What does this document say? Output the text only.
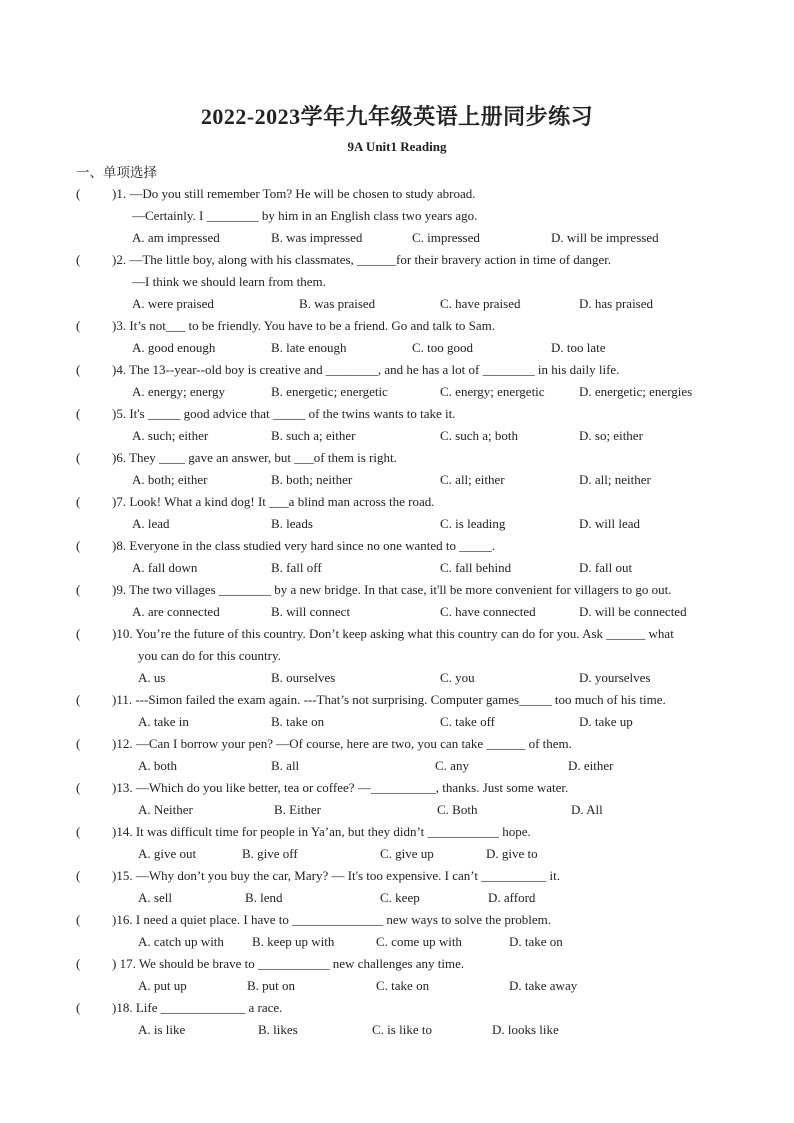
2022-2023学年九年级英语上册同步练习
9A Unit1 Reading
一、单项选择
( )1. —Do you still remember Tom? He will be chosen to study abroad.
—Certainly. I ________ by him in an English class two years ago.
A. am impressed	B. was impressed	C. impressed	D. will be impressed
( )2. —The little boy, along with his classmates, ______for their bravery action in time of danger.
—I think we should learn from them.
A. were praised	B. was praised	C. have praised	D. has praised
( )3. It’s not___ to be friendly. You have to be a friend. Go and talk to Sam.
A. good enough	B. late enough	C. too good	D. too late
( )4. The 13--year--old boy is creative and ________, and he has a lot of ________ in his daily life.
A. energy; energy	B. energetic; energetic	C. energy; energetic	D. energetic; energies
( )5. It's _____ good advice that _____ of the twins wants to take it.
A. such; either	B. such a; either	C. such a; both	D. so; either
( )6. They ____ gave an answer, but ___of them is right.
A. both; either	B. both; neither	C. all; either	D. all; neither
( )7. Look! What a kind dog! It ___a blind man across the road.
A. lead	B. leads	C. is leading	D. will lead
( )8. Everyone in the class studied very hard since no one wanted to _____.
A. fall down	B. fall off	C. fall behind	D. fall out
( )9. The two villages ________ by a new bridge. In that case, it'll be more convenient for villagers to go out.
A. are connected	B. will connect	C. have connected	D. will be connected
( )10. You’re the future of this country. Don’t keep asking what this country can do for you. Ask ______ what
you can do for this country.
A. us	B. ourselves	C. you	D. yourselves
( )11. ---Simon failed the exam again. ---That’s not surprising. Computer games_____ too much of his time.
A. take in	B. take on	C. take off	D. take up
( )12. —Can I borrow your pen? —Of course, here are two, you can take ______ of them.
A. both	B. all	C. any	D. either
( )13. —Which do you like better, tea or coffee? —__________, thanks. Just some water.
A. Neither	B. Either	C. Both	D. All
( )14. It was difficult time for people in Ya’an, but they didn’t ___________ hope.
A. give out	B. give off	C. give up	D. give to
( )15. —Why don’t you buy the car, Mary? — It's too expensive. I can’t __________ it.
A. sell	B. lend	C. keep	D. afford
( )16. I need a quiet place. I have to ______________ new ways to solve the problem.
A. catch up with B. keep up with	C. come up with	D. take on
( ) 17. We should be brave to ___________ new challenges any time.
A. put up	B. put on	C. take on	D. take away
( )18. Life _____________ a race.
A. is like	B. likes	C. is like to	D. looks like
